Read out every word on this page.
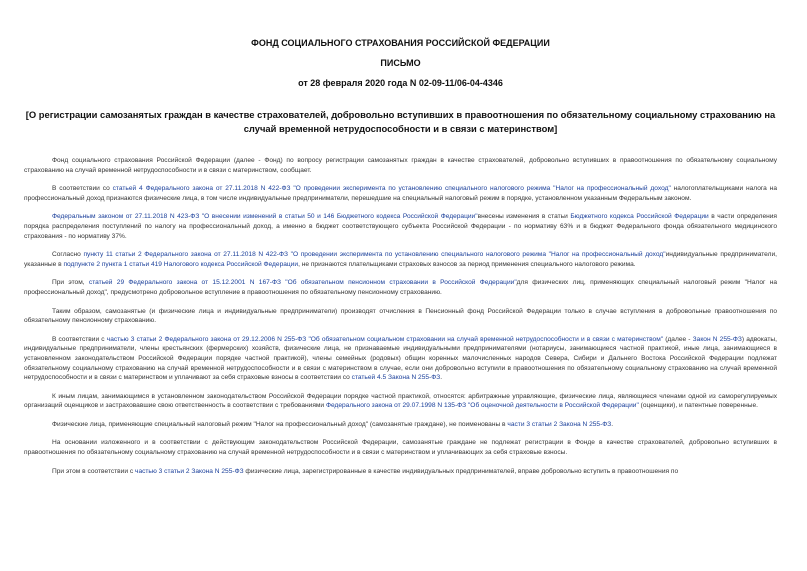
ФОНД СОЦИАЛЬНОГО СТРАХОВАНИЯ РОССИЙСКОЙ ФЕДЕРАЦИИ
ПИСЬМО
от 28 февраля 2020 года N 02-09-11/06-04-4346
[О регистрации самозанятых граждан в качестве страхователей, добровольно вступивших в правоотношения по обязательному социальному страхованию на случай временной нетрудоспособности и в связи с материнством]

Фонд социального страхования Российской Федерации (далее - Фонд) по вопросу регистрации самозанятых граждан в качестве страхователей, добровольно вступивших в правоотношения по обязательному социальному страхованию на случай временной нетрудоспособности и в связи с материнством, сообщает.

В соответствии со статьей 4 Федерального закона от 27.11.2018 N 422-ФЗ "О проведении эксперимента по установлению специального налогового режима "Налог на профессиональный доход" налогоплательщиками налога на профессиональный доход признаются физические лица, в том числе индивидуальные предприниматели, перешедшие на специальный налоговый режим в порядке, установленном указанным Федеральным законом.

Федеральным законом от 27.11.2018 N 423-ФЗ "О внесении изменений в статьи 50 и 146 Бюджетного кодекса Российской Федерации"внесены изменения в статьи Бюджетного кодекса Российской Федерации в части определения порядка распределения поступлений по налогу на профессиональный доход, а именно в бюджет соответствующего субъекта Российской Федерации - по нормативу 63% и в бюджет Федерального фонда обязательного медицинского страхования - по нормативу 37%.

Согласно пункту 11 статьи 2 Федерального закона от 27.11.2018 N 422-ФЗ "О проведении эксперимента по установлению специального налогового режима "Налог на профессиональный доход"индивидуальные предприниматели, указанные в подпункте 2 пункта 1 статьи 419 Налогового кодекса Российской Федерации, не признаются плательщиками страховых взносов за период применения специального налогового режима.

При этом, статьей 29 Федерального закона от 15.12.2001 N 167-ФЗ "Об обязательном пенсионном страховании в Российской Федерации"для физических лиц, применяющих специальный налоговый режим "Налог на профессиональный доход", предусмотрено добровольное вступление в правоотношения по обязательному пенсионному страхованию.

Таким образом, самозанятые (и физические лица и индивидуальные предприниматели) производят отчисления в Пенсионный фонд Российской Федерации только в случае вступления в добровольные правоотношения по обязательному пенсионному страхованию.

В соответствии с частью 3 статьи 2 Федерального закона от 29.12.2006 N 255-ФЗ "Об обязательном социальном страховании на случай временной нетрудоспособности и в связи с материнством" (далее - Закон N 255-ФЗ) адвокаты, индивидуальные предприниматели, члены крестьянских (фермерских) хозяйств, физические лица, не признаваемые индивидуальными предпринимателями (нотариусы, занимающиеся частной практикой, иные лица, занимающиеся в установленном законодательством Российской Федерации порядке частной практикой), члены семейных (родовых) общин коренных малочисленных народов Севера, Сибири и Дальнего Востока Российской Федерации подлежат обязательному социальному страхованию на случай временной нетрудоспособности и в связи с материнством в случае, если они добровольно вступили в правоотношения по обязательному социальному страхованию на случай временной нетрудоспособности и в связи с материнством и уплачивают за себя страховые взносы в соответствии со статьей 4.5 Закона N 255-ФЗ.

К иным лицам, занимающимся в установленном законодательством Российской Федерации порядке частной практикой, относятся: арбитражные управляющие, физические лица, являющиеся членами одной из саморегулируемых организаций оценщиков и застраховавшие свою ответственность в соответствии с требованиями Федерального закона от 29.07.1998 N 135-ФЗ "Об оценочной деятельности в Российской Федерации" (оценщики), и патентные поверенные.

Физические лица, применяющие специальный налоговый режим "Налог на профессиональный доход" (самозанятые граждане), не поименованы в части 3 статьи 2 Закона N 255-ФЗ.

На основании изложенного и в соответствии с действующим законодательством Российской Федерации, самозанятые граждане не подлежат регистрации в Фонде в качестве страхователей, добровольно вступивших в правоотношения по обязательному социальному страхованию на случай временной нетрудоспособности и в связи с материнством и уплачивающих за себя страховые взносы.

При этом в соответствии с частью 3 статьи 2 Закона N 255-ФЗ физические лица, зарегистрированные в качестве индивидуальных предпринимателей, вправе добровольно вступить в правоотношения по
